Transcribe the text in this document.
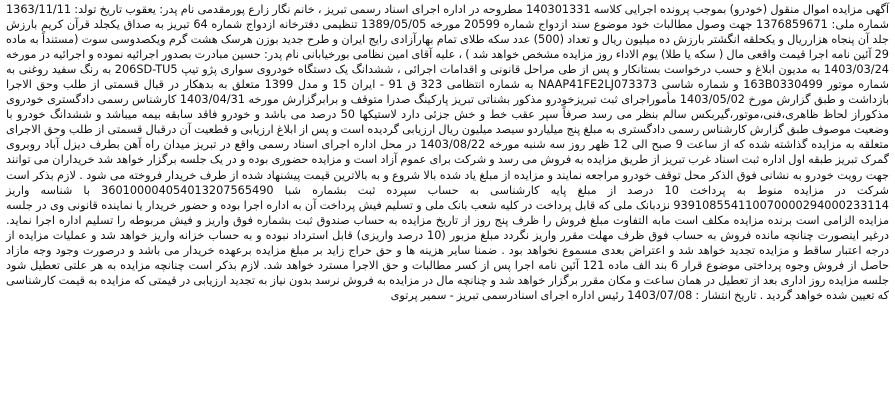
آگهی مزایده اموال منقول (خودرو) بموجب پرونده اجرایی کلاسه 140301331 مطروحه در اداره اجرای اسناد رسمی تبریز ، خانم نگار زارع پورمقدمی نام پدر: یعقوب تاریخ تولد: 1363/11/11 شماره ملی: 1376859671 جهت وصول مطالبات خود موضوع سند ازدواج شماره 20599 مورخه 1389/05/05 تنظیمی دفترخانه ازدواج شماره 64 تبریز به صداق یکجلد قرآن کریم بارزش جلد آن پنجاه هزارریال و یکحلقه انگشتر بارزش ده میلیون ریال و تعداد (500) عدد سکه طلای تمام بهارآزادی رایج ایران و طرح جدید بوزن هرسک هشت گرم ویکصدوسی سوت (مستنداً به ماده 29 آئین نامه اجرا قیمت واقعی مال ( سکه یا طلا) یوم الاداء روز مزایده مشخص خواهد شد ) ، علیه آقای امین نظامی بورخیابانی نام پدر: حسین مبادرت بصدور اجرائیه نموده و اجرائیه در مورخه 1403/03/24 به مدیون ابلاغ و حسب درخواست بستانکار و پس از طی مراحل قانونی و اقدامات اجرائی ، ششدانگ یک دستگاه خودروی سواری پژو تیپ 206SD-TU5 به رنگ سفید روغنی به شماره موتور 163B0330499 و شماره شاسی NAAP41FE2LJ073373 به شماره انتظامی 323 ق 91 - ایران 15 و مدل 1399 متعلق به بدهکار در قبال قسمتی از طلب وحق الاجرا بازداشت و طبق گزارش مورخ 1403/05/02 مأموراجرای ثبت تبریزخودرو مذکور بشناتی تبریز پارکینگ صدرا متوقف و برابرگزارش مورخه 1403/04/31 کارشناس رسمی دادگستری خودروی مذکوراز لحاظ ظاهری،فنی،موتور،گیربکس سالم بنظر می رسد صرفاً سپر عقب خط و خش جزئی دارد لاستیکها 50 درصد می باشد و خودرو فاقد سابقه بیمه میباشد و ششدانگ خودرو با وضعیت موصوف طبق گزارش کارشناس رسمی دادگستری به مبلغ پنج میلیاردو سیصد میلیون ریال ارزیابی گردیده است و پس از ابلاغ ارزیابی و قطعیت آن درقبال قسمتی از طلب وحق الاجرای متعلقه به مزایده گذاشته شده که از ساعت 9 صبح الی 12 ظهر روز سه شنبه مورخه 1403/08/22 در محل اداره اجرای اسناد رسمی واقع در تبریز میدان راه آهن بطرف دیزل آباد روبروی گمرک تبریز طبقه اول اداره ثبت اسناد غرب تبریز از طریق مزایده به فروش می رسد و شرکت برای عموم آزاد است و مزایده حضوری بوده و در یک جلسه برگزار خواهد شد خریداران می توانند جهت رویت خودرو به نشانی فوق الذکر محل توقف خودرو مراجعه نمایند و مزایده از مبلغ یاد شده بالا شروع و به بالاترین قیمت پیشنهاد شده از طرف خریدار فروخته می شود . لازم بذکر است شرکت در مزایده منوط به پرداخت 10 درصد از مبلغ پایه کارشناسی به حساب سپرده ثبت بشماره شبا 360100004054013207565490 با شناسه واریز 939108554110070000294000233114 نزدبانک ملی که قابل پرداخت در کلیه شعب بانک ملی و تسلیم فیش پرداخت آن به اداره اجرا بوده و حضور خریدار یا نماینده قانونی وی در جلسه مزایده الزامی است برنده مزایده مکلف است مابه التفاوت مبلغ فروش را ظرف پنج روز از تاریخ مزایده به حساب صندوق ثبت بشماره فوق واریز و فیش مربوطه را تسلیم اداره اجرا نماید. درغیر اینصورت چنانچه مانده فروش به حساب فوق ظرف مهلت مقرر واریز نگردد مبلغ مزبور (10 درصد واریزی) قابل استرداد نبوده و به حساب خزانه واریز خواهد شد و عملیات مزایده از درجه اعتبار ساقط و مزایده تجدید خواهد شد و اعتراض بعدی مسموع نخواهد بود . ضمنا سایر هزینه ها و حق حراج زاید بر مبلغ مزایده برعهده خریدار می باشد و درصورت وجود وجه مازاد حاصل از فروش وجوه پرداختی موضوع قرار 6 بند الف ماده 121 آئین نامه اجرا پس از کسر مطالبات و حق الاجرا مسترد خواهد شد. لازم بذکر است چنانچه مزایده به هر علتی تعطیل شود جلسه مزایده روز اداری بعد از تعطیل در همان ساعت و مکان مقرر برگزار خواهد شد و چنانچه مال در مزایده به فروش نرسد بدون نیاز به تجدید ارزیابی در قیمتی که مزایده به قیمت کارشناسی که تعیین شده خواهد گردید . تاریخ انتشار : 1403/07/08 رئیس اداره اجرای اسنادرسمی تبریز - سمیر پرتوی
